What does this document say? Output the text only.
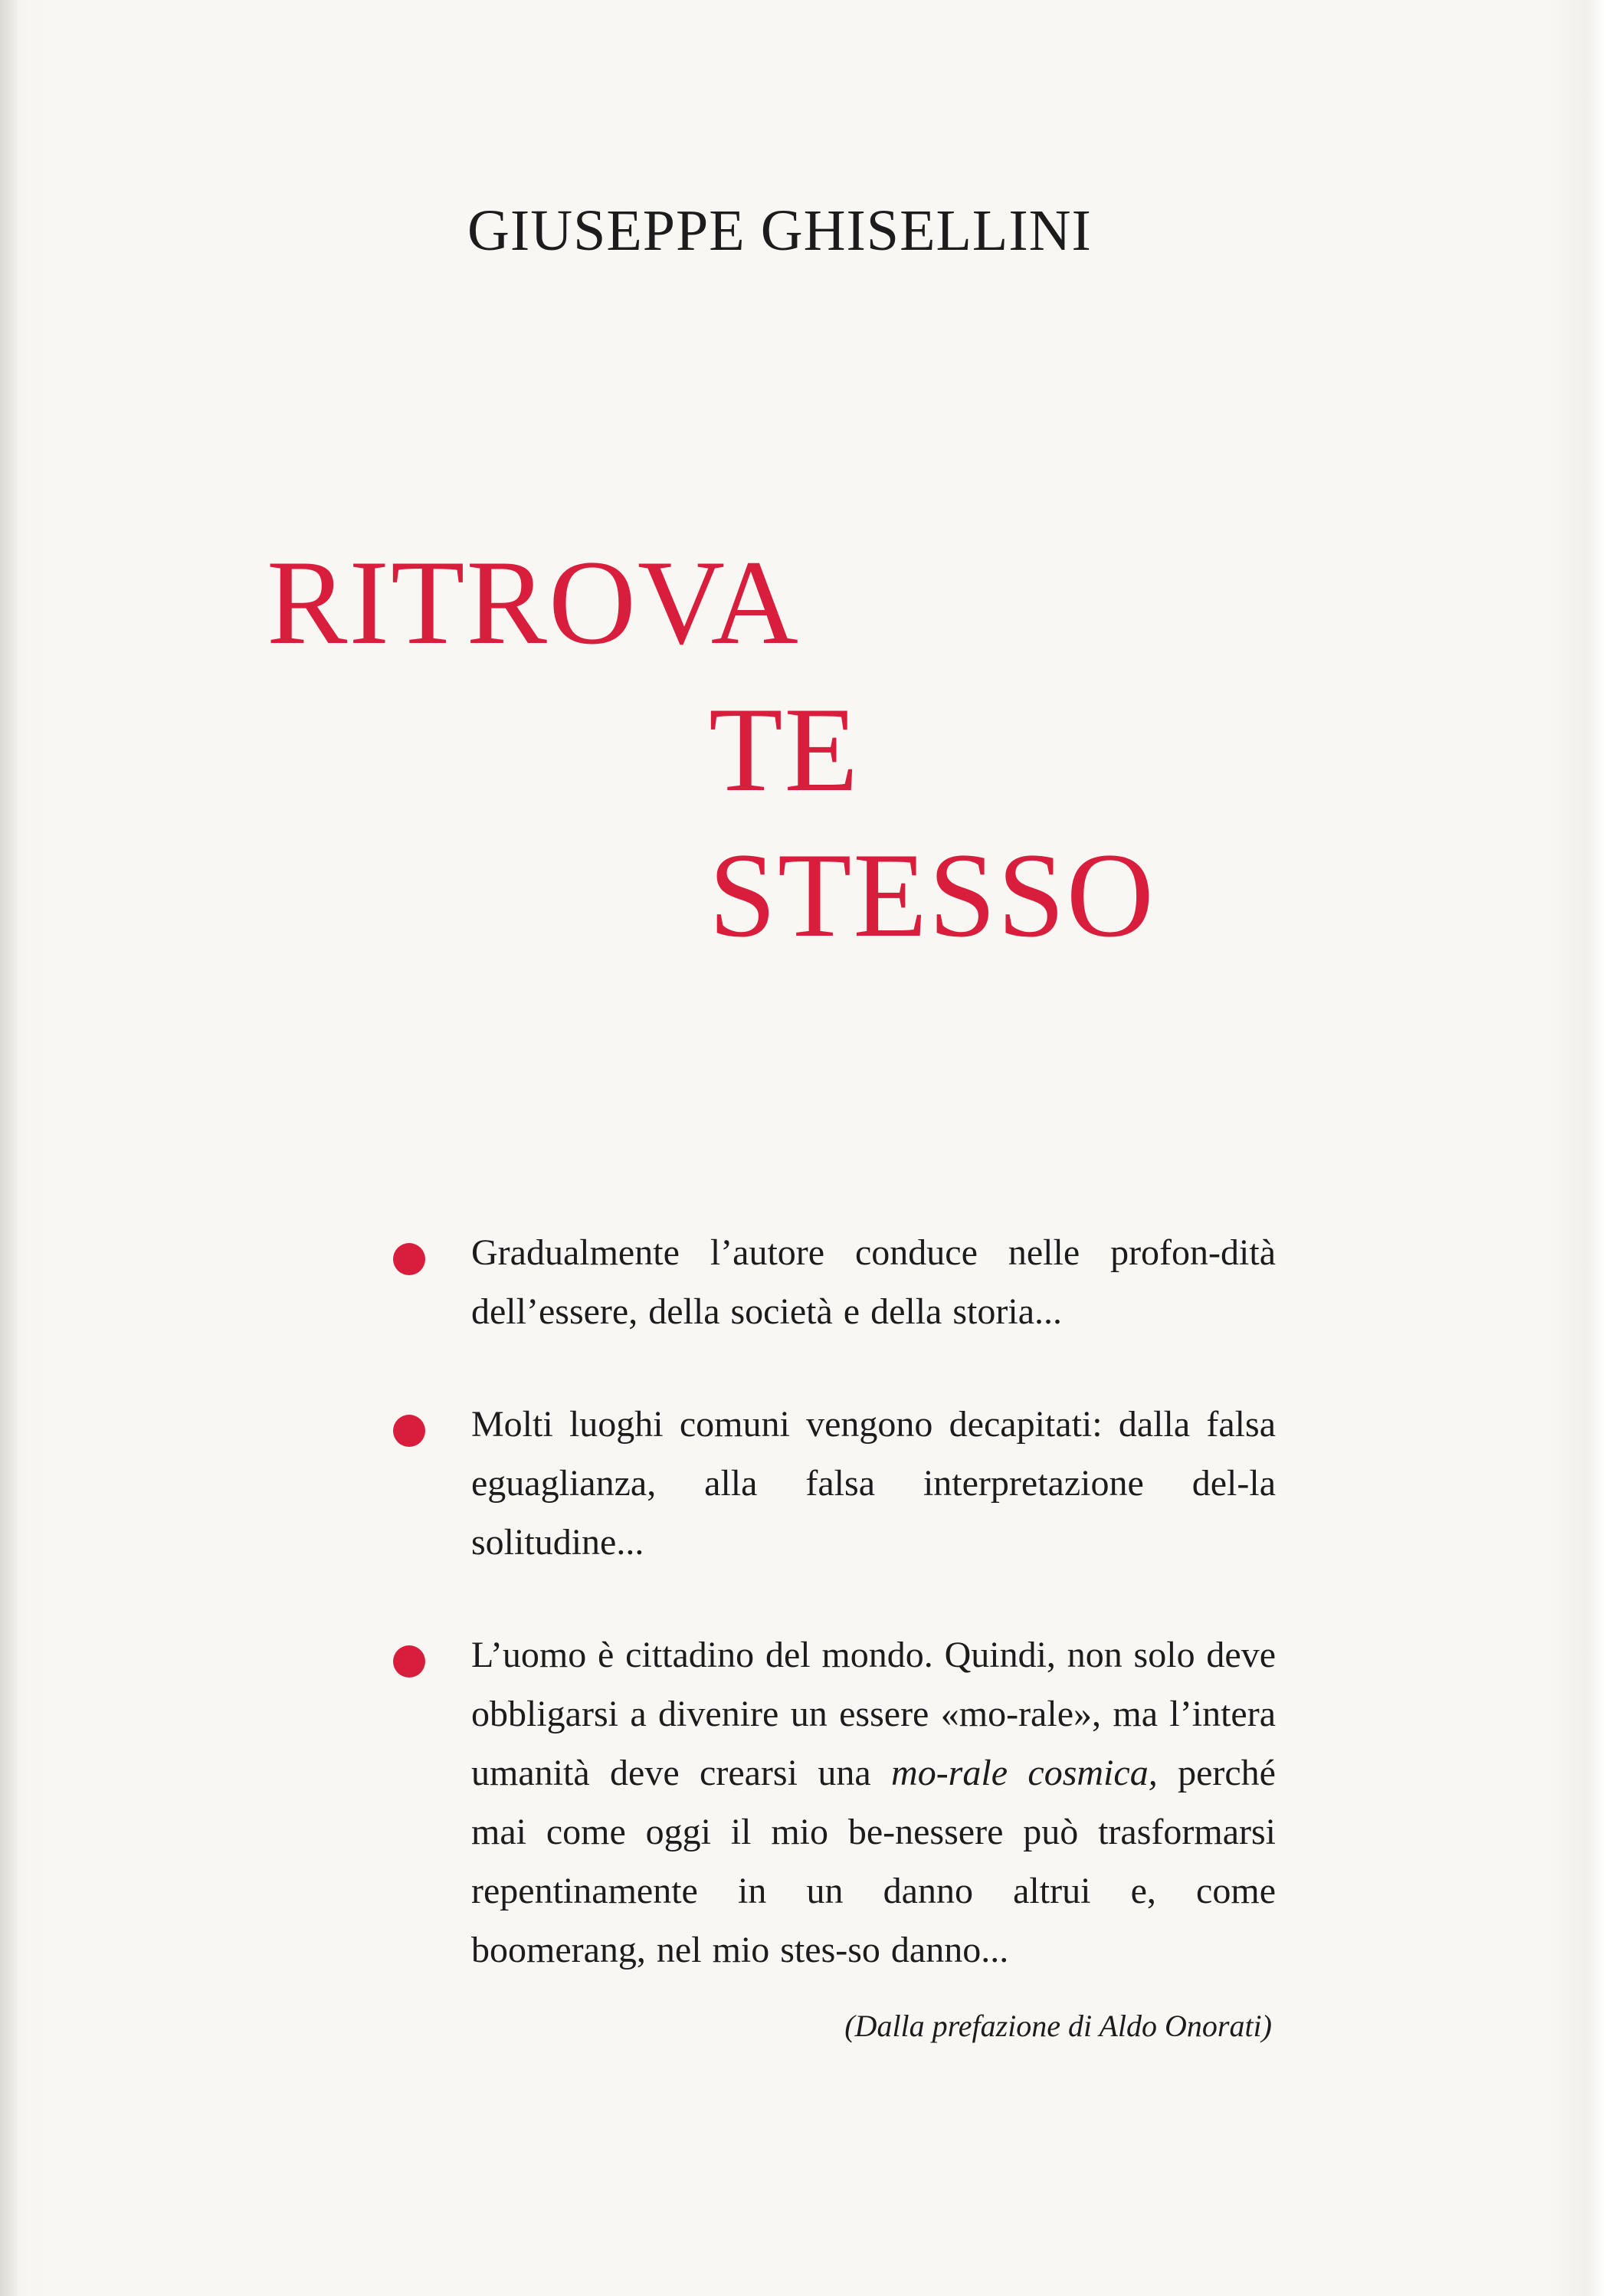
GIUSEPPE GHISELLINI
RITROVA
TE
STESSO
Gradualmente l’autore conduce nelle profon-dità dell’essere, della società e della storia...
Molti luoghi comuni vengono decapitati: dalla falsa eguaglianza, alla falsa interpretazione del-la solitudine...
L’uomo è cittadino del mondo. Quindi, non solo deve obbligarsi a divenire un essere «mo-rale», ma l’intera umanità deve crearsi una mo-rale cosmica, perché mai come oggi il mio be-nessere può trasformarsi repentinamente in un danno altrui e, come boomerang, nel mio stes-so danno...
(Dalla prefazione di Aldo Onorati)
